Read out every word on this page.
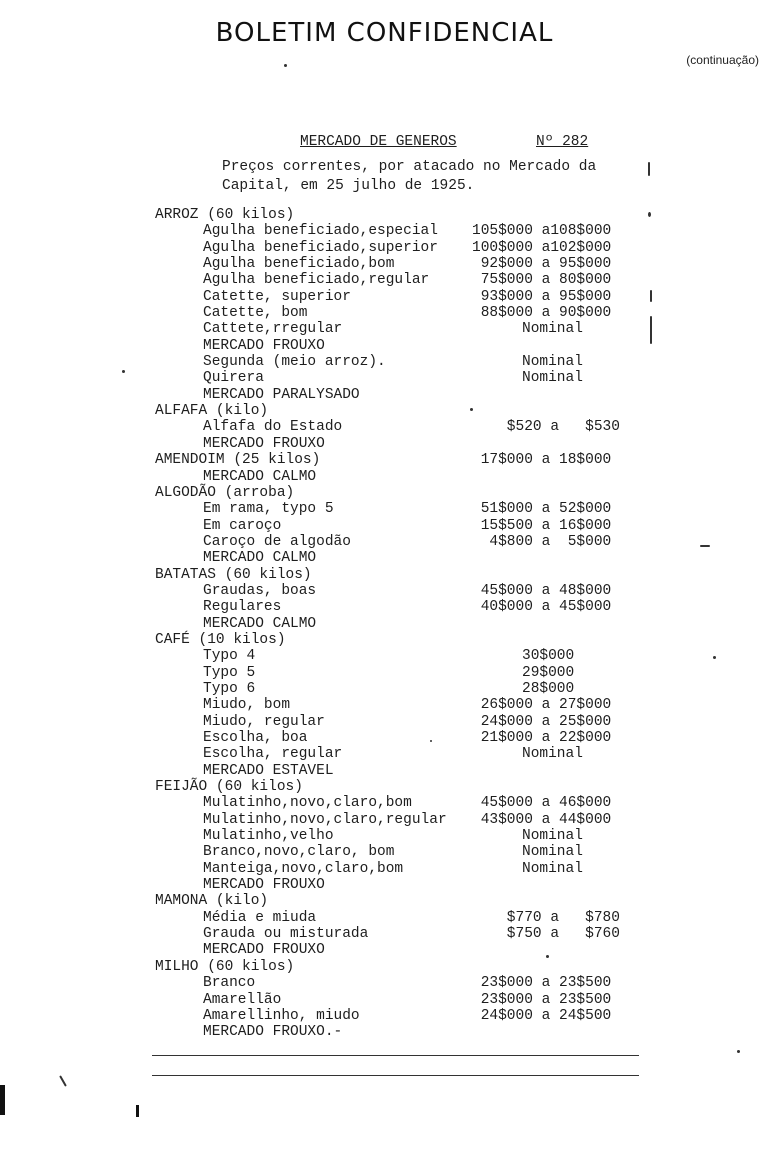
BOLETIM CONFIDENCIAL
(continuação)
MERCADO DE GENEROS	Nº 282
Preços correntes, por atacado no Mercado da Capital, em 25 julho de 1925.
ARROZ (60 kilos)
Agulha beneficiado,especial 105$000 a108$000
Agulha beneficiado,superior 100$000 a102$000
Agulha beneficiado,bom	92$000 a 95$000
Agulha beneficiado,regular	75$000 a 80$000
Catette, superior	93$000 a 95$000
Catette, bom	88$000 a 90$000
Cattete,rregular	Nominal
MERCADO FROUXO
Segunda (meio arroz).	Nominal
Quirera	Nominal
MERCADO PARALYSADO
ALFAFA (kilo)
Alfafa do Estado	$520 a   $530
MERCADO FROUXO
AMENDOIM (25 kilos)	17$000 a 18$000
MERCADO CALMO
ALGODÃO (arroba)
Em rama, typo 5	51$000 a 52$000
Em caroço	15$500 a 16$000
Caroço de algodão	4$800 a  5$000
MERCADO CALMO
BATATAS (60 kilos)
Graudas, boas	45$000 a 48$000
Regulares	40$000 a 45$000
MERCADO CALMO
CAFÉ (10 kilos)
Typo 4	30$000
Typo 5	29$000
Typo 6	28$000
Miudo, bom	26$000 a 27$000
Miudo, regular	24$000 a 25$000
Escolha, boa	21$000 a 22$000
Escolha, regular	Nominal
MERCADO ESTAVEL
FEIJÃO (60 kilos)
Mulatinho,novo,claro,bom	45$000 a 46$000
Mulatinho,novo,claro,regular 43$000 a 44$000
Mulatinho,velho	Nominal
Branco,novo,claro, bom	Nominal
Manteiga,novo,claro,bom	Nominal
MERCADO FROUXO
MAMONA (kilo)
Média e miuda	$770 a   $780
Grauda ou misturada	$750 a   $760
MERCADO FROUXO
MILHO (60 kilos)
Branco	23$000 a 23$500
Amarellão	23$000 a 23$500
Amarellinho, miudo	24$000 a 24$500
MERCADO FROUXO.-
